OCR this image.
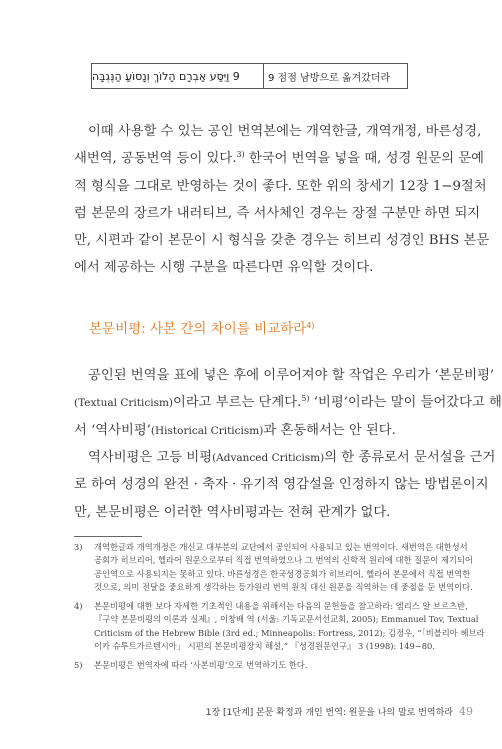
9 וַיִּסַּע אַבְרָם הָלוֹךְ וְנָסוֹעַ הַנֶּגְבָּה	9 점점 남방으로 옮겨갔더라
이때 사용할 수 있는 공인 번역본에는 개역한글, 개역개정, 바른성경,
새번역, 공동번역 등이 있다.$^{3)}$ 한국어 번역을 넣을 때, 성경 원문의 문예
적 형식을 그대로 반영하는 것이 좋다. 또한 위의 창세기 12장 1−9절처
럼 본문의 장르가 내러티브, 즉 서사체인 경우는 장절 구분만 하면 되지
만, 시편과 같이 본문이 시 형식을 갖춘 경우는 히브리 성경인 BHS 본문
에서 제공하는 시행 구분을 따른다면 유익할 것이다.
본문비평: 사본 간의 차이를 비교하라$^{4)}$
공인된 번역을 표에 넣은 후에 이루어져야 할 작업은 우리가 ‘본문비평’
(Textual Criticism)이라고 부르는 단계다.$^{5)}$ ‘비평’이라는 말이 들어갔다고 해
서 ‘역사비평’(Historical Criticism)과 혼동해서는 안 된다.
역사비평은 고등 비평(Advanced Criticism)의 한 종류로서 문서설을 근거
로 하여 성경의 완전 · 축자 · 유기적 영감설을 인정하지 않는 방법론이지
만, 본문비평은 이러한 역사비평과는 전혀 관계가 없다.
3)	개역한글과 개역개정은 개신교 대부분의 교단에서 공인되어 사용되고 있는 번역이다. 새번역은 대한성서
공회가 히브리어, 헬라어 원문으로부터 직접 번역하였으나 그 번역의 신학적 원리에 대한 질문이 제기되어
공인역으로 사용되지는 못하고 있다. 바른성경은 한국성경공회가 히브리어, 헬라어 본문에서 직접 번역한
것으로, 의미 전달을 중요하게 생각하는 등가원리 번역 원칙 대신 원문을 직역하는 데 중점을 둔 번역이다.
4)	본문비평에 대한 보다 자세한 기초적인 내용을 위해서는 다음의 문헌들을 참고하라: 엠리스 알 브르츠반,
『구약 본문비평의 이론과 실제』, 이창배 역 (서울: 기독교문서선교회, 2005); Emmanuel Tov, Textual
Criticism of the Hebrew Bible (3rd ed.; Minneapolis: Fortress, 2012); 김정우, “「비블리아 헤브라
이카 슈투트가르텐시아」 시편의 본문비평장치 해설,” 『성경원문연구』 3 (1998): 149−80.
5)	본문비평은 번역자에 따라 ‘사본비평’으로 번역하기도 한다.
1장 [1단계] 본문 확정과 개인 번역: 원문을 나의 말로 번역하라 49
